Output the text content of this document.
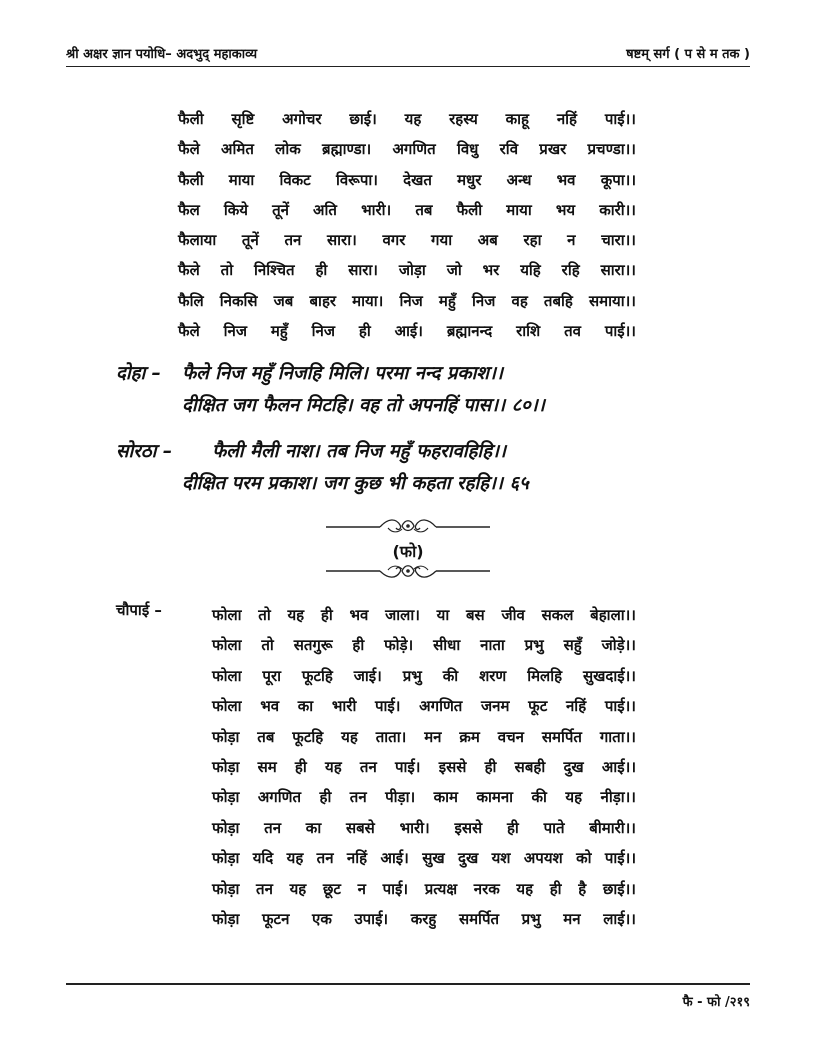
श्री अक्षर ज्ञान पयोधि– अदभुद् महाकाव्य	षष्टम् सर्ग ( प से म तक )
फैली सृष्टि अगोचर छाई। यह रहस्य काहू नहिं पाई।।
फैले अमित लोक ब्रह्माण्डा। अगणित विधु रवि प्रखर प्रचण्डा।।
फैली माया विकट विरूपा। देखत मधुर अन्ध भव कूपा।।
फैल किये तूनें अति भारी। तब फैली माया भय कारी।।
फैलाया तूनें तन सारा। वगर गया अब रहा न चारा।।
फैले तो निश्चित ही सारा। जोड़ा जो भर यहि रहि सारा।।
फैलि निकसि जब बाहर माया। निज महुँ निज वह तबहि समाया।।
फैले निज महुँ निज ही आई। ब्रह्मानन्द राशि तव पाई।।
दोहा – फैले निज महुँ निजहि मिलि। परमा नन्द प्रकाश।।
दीक्षित जग फैलन मिटहि। वह तो अपनहिं पास।। ८०।।
सोरठा – फैली मैली नाश। तब निज महुँ फहरावहिहि।।
दीक्षित परम प्रकाश। जग कुछ भी कहता रहहि।। ६५
(फो)
चौपाई –	फोला तो यह ही भव जाला। या बस जीव सकल बेहाला।।
फोला तो सतगुरू ही फोड़े। सीधा नाता प्रभु सहुँ जोड़े।।
फोला पूरा फूटहि जाई। प्रभु की शरण मिलहि सुखदाई।।
फोला भव का भारी पाई। अगणित जनम फूट नहिं पाई।।
फोड़ा तब फूटहि यह ताता। मन क्रम वचन समर्पित गाता।।
फोड़ा सम ही यह तन पाई। इससे ही सबही दुख आई।।
फोड़ा अगणित ही तन पीड़ा। काम कामना की यह नीड़ा।।
फोड़ा तन का सबसे भारी। इससे ही पाते बीमारी।।
फोड़ा यदि यह तन नहिं आई। सुख दुख यश अपयश को पाई।।
फोड़ा तन यह छूट न पाई। प्रत्यक्ष नरक यह ही है छाई।।
फोड़ा फूटन एक उपाई। करहु समर्पित प्रभु मन लाई।।
फै - फो /२१९
